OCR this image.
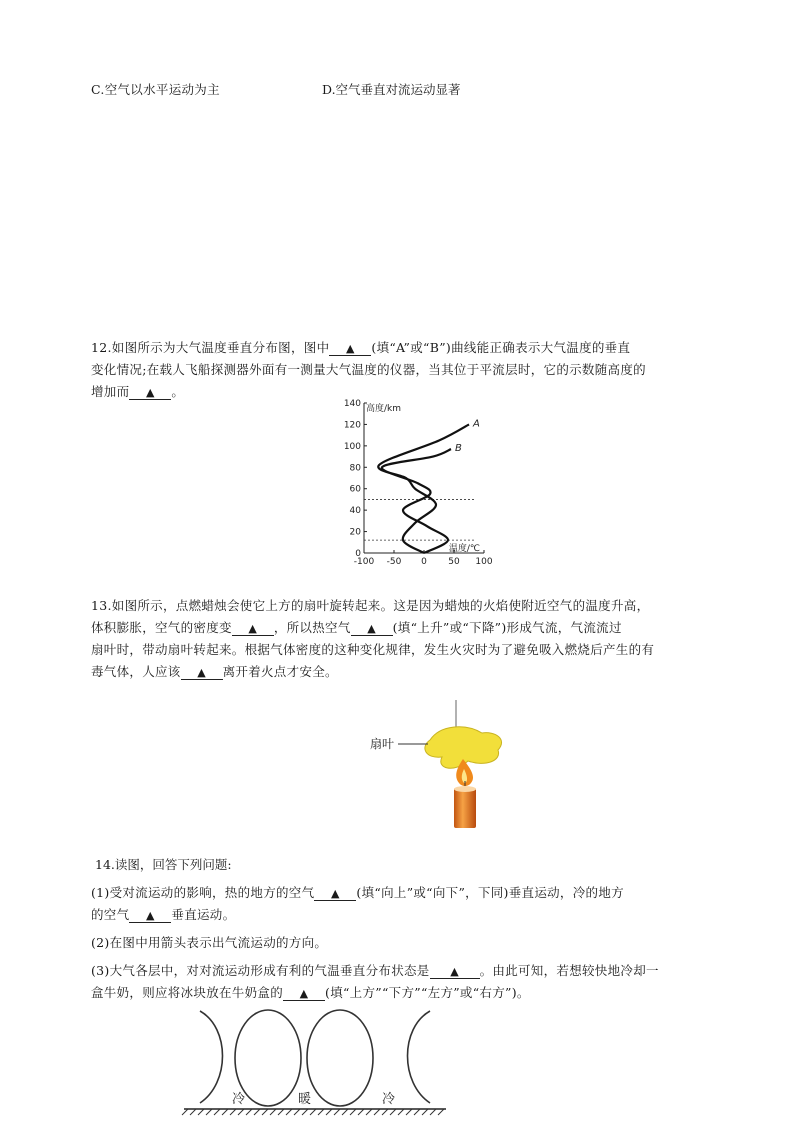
C.空气以水平运动为主	D.空气垂直对流运动显著
12.如图所示为大气温度垂直分布图，图中 ▲ (填“A”或“B”)曲线能正确表示大气温度的垂直
变化情况;在载人飞船探测器外面有一测量大气温度的仪器，当其位于平流层时，它的示数随高度的
增加而 ▲ 。
0
20
40
60
80
100
120
140
-100 -50 0 50 100
高度/km
温度/℃
A
B
13.如图所示，点燃蜡烛会使它上方的扇叶旋转起来。这是因为蜡烛的火焰使附近空气的温度升高，
体积膨胀，空气的密度变 ▲ ，所以热空气 ▲ (填“上升”或“下降”)形成气流，气流流过
扇叶时，带动扇叶转起来。根据气体密度的这种变化规律，发生火灾时为了避免吸入燃烧后产生的有
毒气体，人应该 ▲ 离开着火点才安全。
扇叶
14.读图，回答下列问题:
(1)受对流运动的影响，热的地方的空气 ▲ (填“向上”或“向下”，下同)垂直运动，冷的地方
的空气 ▲ 垂直运动。
(2)在图中用箭头表示出气流运动的方向。
(3)大气各层中，对对流运动形成有利的气温垂直分布状态是 ▲ 。由此可知，若想较快地冷却一
盒牛奶，则应将冰块放在牛奶盒的 ▲ (填“上方”“下方”“左方”或“右方”)。
冷	暖	冷
